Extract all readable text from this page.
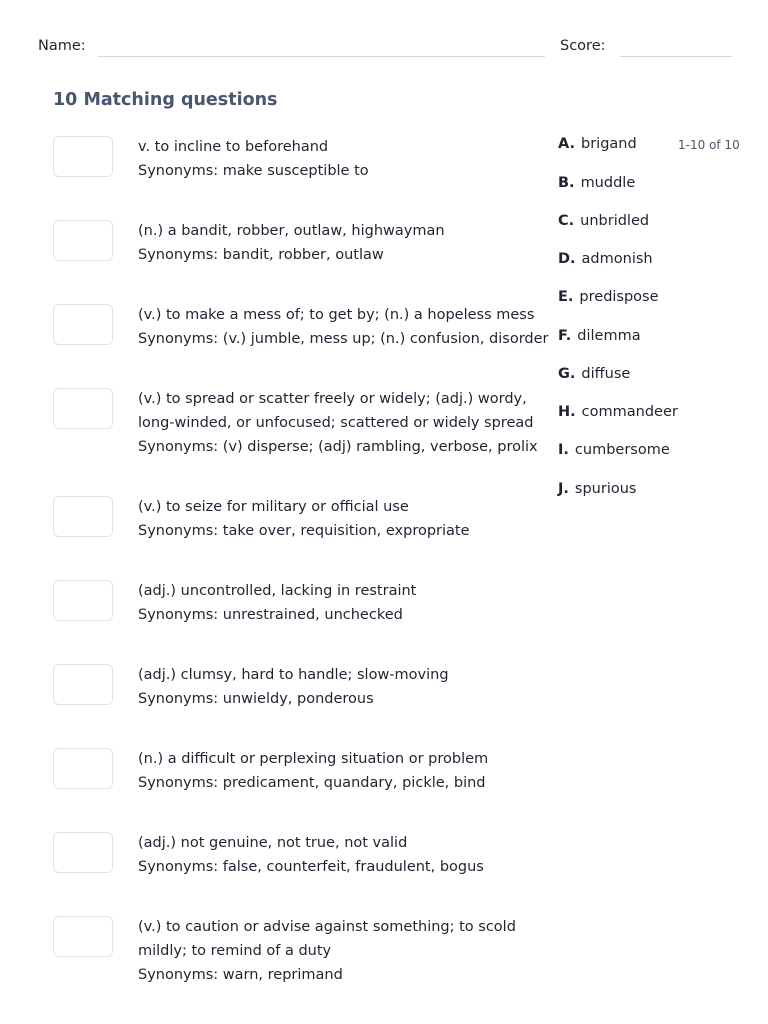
Name:	Score:
10 Matching questions
v. to incline to beforehand
Synonyms: make susceptible to
(n.) a bandit, robber, outlaw, highwayman
Synonyms: bandit, robber, outlaw
(v.) to make a mess of; to get by; (n.) a hopeless mess
Synonyms: (v.) jumble, mess up; (n.) confusion, disorder
(v.) to spread or scatter freely or widely; (adj.) wordy,
long-winded, or unfocused; scattered or widely spread
Synonyms: (v) disperse; (adj) rambling, verbose, prolix
(v.) to seize for military or official use
Synonyms: take over, requisition, expropriate
(adj.) uncontrolled, lacking in restraint
Synonyms: unrestrained, unchecked
(adj.) clumsy, hard to handle; slow-moving
Synonyms: unwieldy, ponderous
(n.) a difficult or perplexing situation or problem
Synonyms: predicament, quandary, pickle, bind
(adj.) not genuine, not true, not valid
Synonyms: false, counterfeit, fraudulent, bogus
(v.) to caution or advise against something; to scold
mildly; to remind of a duty
Synonyms: warn, reprimand
A. brigand
B. muddle
C. unbridled
D. admonish
E. predispose
F. dilemma
G. diffuse
H. commandeer
I. cumbersome
J. spurious
1-10 of 10
